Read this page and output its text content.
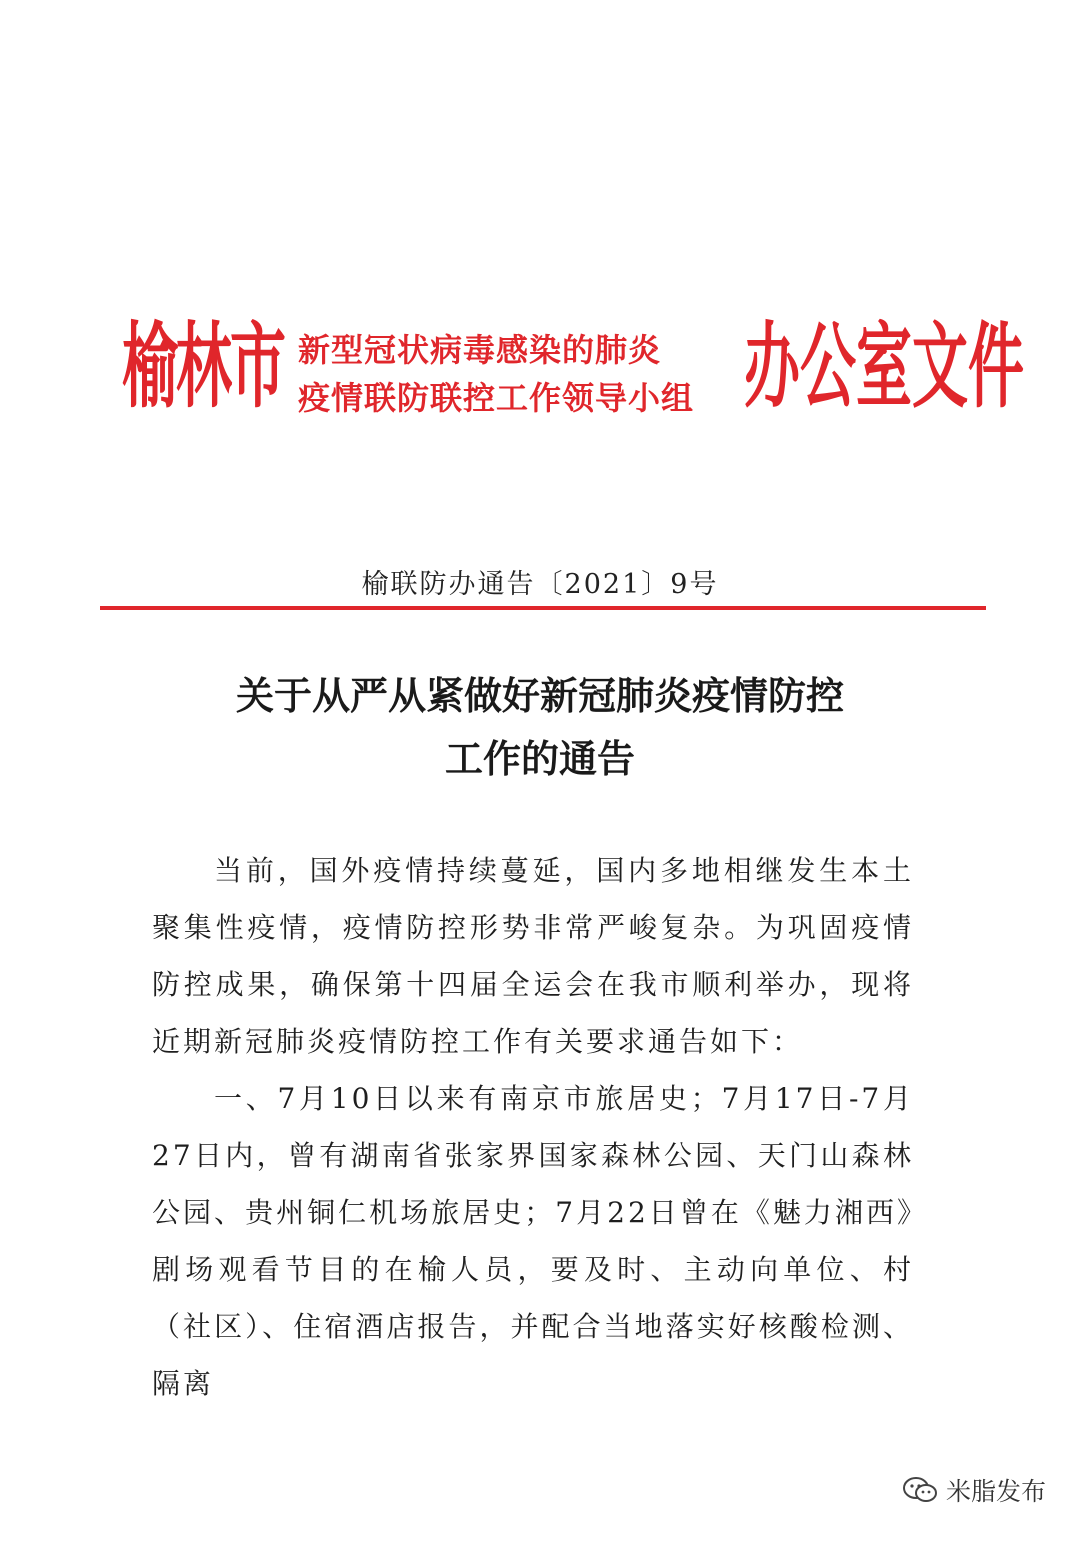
榆林市 新型冠状病毒感染的肺炎
疫情联防联控工作领导小组 办公室文件
榆联防办通告〔2021〕9号
关于从严从紧做好新冠肺炎疫情防控
工作的通告

当前，国外疫情持续蔓延，国内多地相继发生本土聚集性疫情，疫情防控形势非常严峻复杂。为巩固疫情防控成果，确保第十四届全运会在我市顺利举办，现将近期新冠肺炎疫情防控工作有关要求通告如下：

一、7月10日以来有南京市旅居史；7月17日-7月27日内，曾有湖南省张家界国家森林公园、天门山森林公园、贵州铜仁机场旅居史；7月22日曾在《魅力湘西》剧场观看节目的在榆人员，要及时、主动向单位、村（社区）、住宿酒店报告，并配合当地落实好核酸检测、隔离

米脂发布
